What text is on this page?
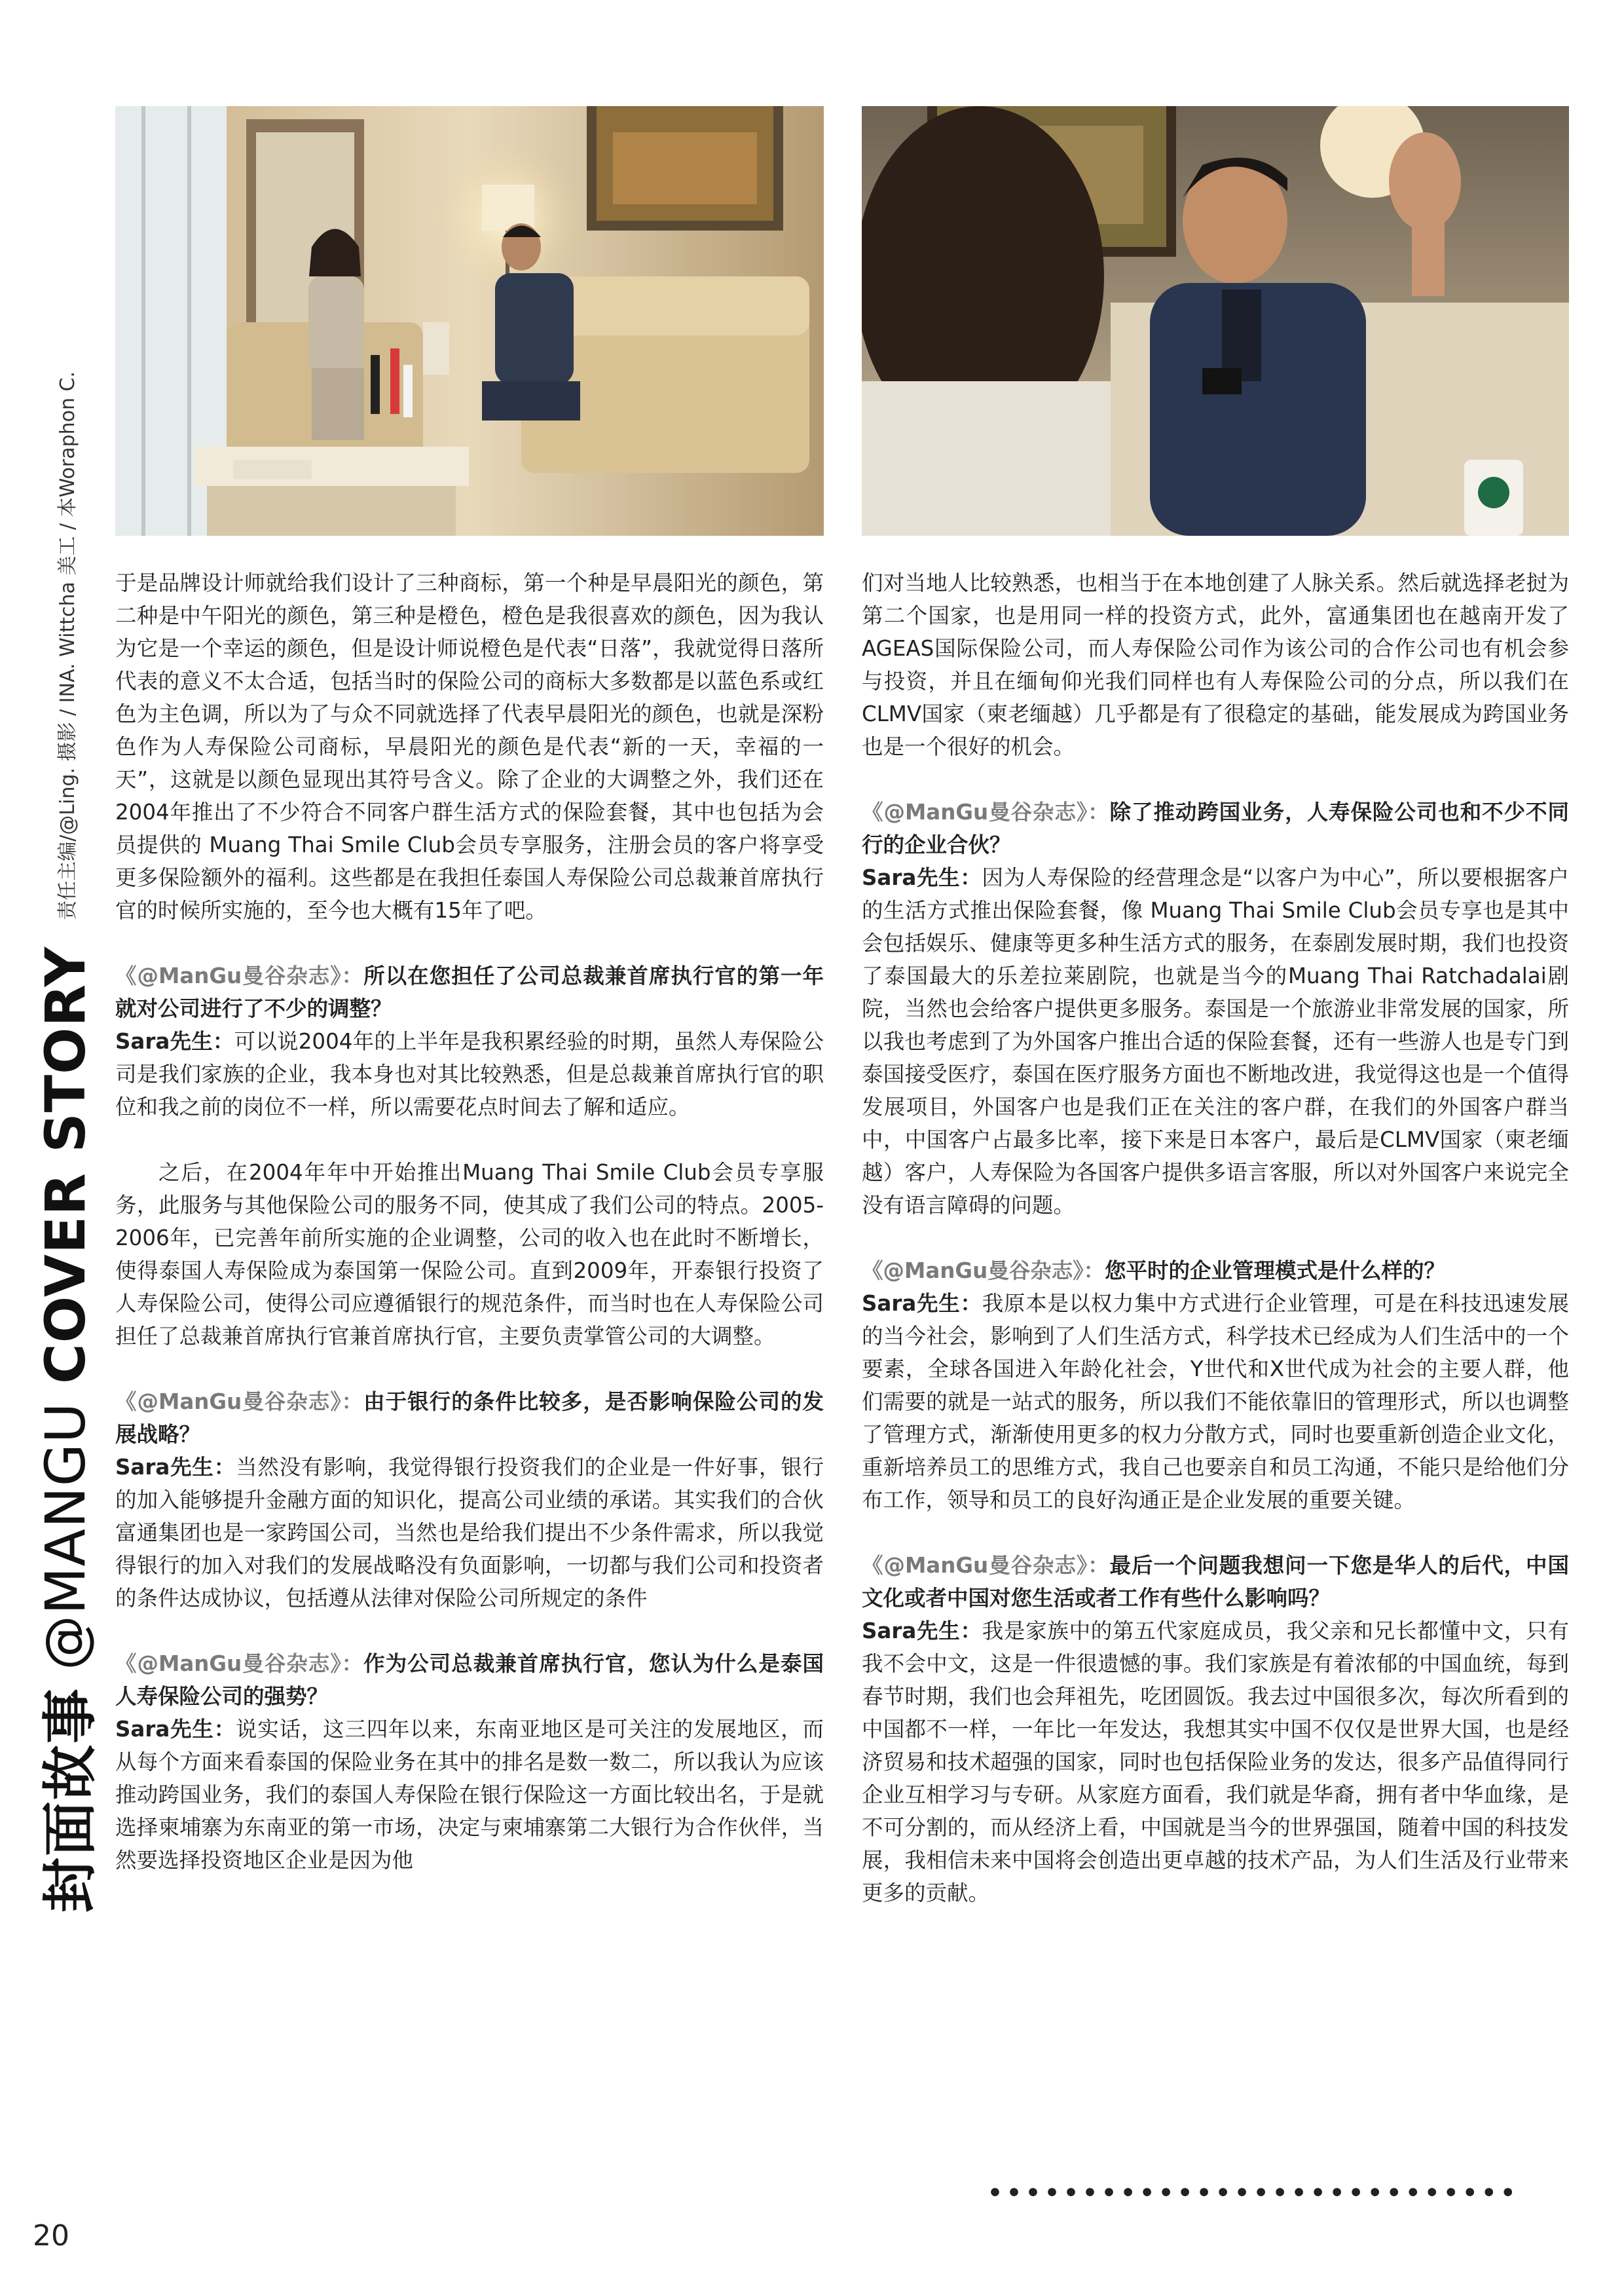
封面故事
@MANGU COVER STORY
责任主编/@Ling. 摄影 / INA. Wittcha 美工 / 本Woraphon C. 于是品牌设计师就给我们设计了三种商标，第一个种是早晨阳光的颜色，第二种是中午阳光的颜色，第三种是橙色，橙色是我很喜欢的颜色，因为我认为它是一个幸运的颜色，但是设计师说橙色是代表“日落”，我就觉得日落所代表的意义不太合适，包括当时的保险公司的商标大多数都是以蓝色系或红色为主色调，所以为了与众不同就选择了代表早晨阳光的颜色，也就是深粉色作为人寿保险公司商标，早晨阳光的颜色是代表“新的一天，幸福的一天”，这就是以颜色显现出其符号含义。除了企业的大调整之外，我们还在2004年推出了不少符合不同客户群生活方式的保险套餐，其中也包括为会员提供的 Muang Thai Smile Club会员专享服务，注册会员的客户将享受更多保险额外的福利。这些都是在我担任泰国人寿保险公司总裁兼首席执行官的时候所实施的，至今也大概有15年了吧。

《@ManGu曼谷杂志》：所以在您担任了公司总裁兼首席执行官的第一年就对公司进行了不少的调整？

Sara先生：可以说2004年的上半年是我积累经验的时期，虽然人寿保险公司是我们家族的企业，我本身也对其比较熟悉，但是总裁兼首席执行官的职位和我之前的岗位不一样，所以需要花点时间去了解和适应。

之后，在2004年年中开始推出Muang Thai Smile Club会员专享服务，此服务与其他保险公司的服务不同，使其成了我们公司的特点。2005-2006年，已完善年前所实施的企业调整，公司的收入也在此时不断增长，使得泰国人寿保险成为泰国第一保险公司。直到2009年，开泰银行投资了人寿保险公司，使得公司应遵循银行的规范条件，而当时也在人寿保险公司担任了总裁兼首席执行官兼首席执行官，主要负责掌管公司的大调整。

《@ManGu曼谷杂志》：由于银行的条件比较多，是否影响保险公司的发展战略？

Sara先生：当然没有影响，我觉得银行投资我们的企业是一件好事，银行的加入能够提升金融方面的知识化，提高公司业绩的承诺。其实我们的合伙富通集团也是一家跨国公司，当然也是给我们提出不少条件需求，所以我觉得银行的加入对我们的发展战略没有负面影响，一切都与我们公司和投资者的条件达成协议，包括遵从法律对保险公司所规定的条件

《@ManGu曼谷杂志》：作为公司总裁兼首席执行官，您认为什么是泰国人寿保险公司的强势？

Sara先生：说实话，这三四年以来，东南亚地区是可关注的发展地区，而从每个方面来看泰国的保险业务在其中的排名是数一数二，所以我认为应该推动跨国业务，我们的泰国人寿保险在银行保险这一方面比较出名，于是就选择柬埔寨为东南亚的第一市场，决定与柬埔寨第二大银行为合作伙伴，当然要选择投资地区企业是因为他

们对当地人比较熟悉，也相当于在本地创建了人脉关系。然后就选择老挝为第二个国家，也是用同一样的投资方式，此外，富通集团也在越南开发了AGEAS国际保险公司，而人寿保险公司作为该公司的合作公司也有机会参与投资，并且在缅甸仰光我们同样也有人寿保险公司的分点，所以我们在CLMV国家（柬老缅越）几乎都是有了很稳定的基础，能发展成为跨国业务也是一个很好的机会。

《@ManGu曼谷杂志》：除了推动跨国业务，人寿保险公司也和不少不同行的企业合伙？

Sara先生：因为人寿保险的经营理念是“以客户为中心”，所以要根据客户的生活方式推出保险套餐，像 Muang Thai Smile Club会员专享也是其中会包括娱乐、健康等更多种生活方式的服务，在泰剧发展时期，我们也投资了泰国最大的乐差拉莱剧院，也就是当今的Muang Thai Ratchadalai剧院，当然也会给客户提供更多服务。泰国是一个旅游业非常发展的国家，所以我也考虑到了为外国客户推出合适的保险套餐，还有一些游人也是专门到泰国接受医疗，泰国在医疗服务方面也不断地改进，我觉得这也是一个值得发展项目，外国客户也是我们正在关注的客户群，在我们的外国客户群当中，中国客户占最多比率，接下来是日本客户，最后是CLMV国家（柬老缅越）客户，人寿保险为各国客户提供多语言客服，所以对外国客户来说完全没有语言障碍的问题。

《@ManGu曼谷杂志》：您平时的企业管理模式是什么样的？

Sara先生：我原本是以权力集中方式进行企业管理，可是在科技迅速发展的当今社会，影响到了人们生活方式，科学技术已经成为人们生活中的一个要素，全球各国进入年龄化社会，Y世代和X世代成为社会的主要人群，他们需要的就是一站式的服务，所以我们不能依靠旧的管理形式，所以也调整了管理方式，渐渐使用更多的权力分散方式，同时也要重新创造企业文化，重新培养员工的思维方式，我自己也要亲自和员工沟通，不能只是给他们分布工作，领导和员工的良好沟通正是企业发展的重要关键。

《@ManGu曼谷杂志》：最后一个问题我想问一下您是华人的后代，中国文化或者中国对您生活或者工作有些什么影响吗？

Sara先生：我是家族中的第五代家庭成员，我父亲和兄长都懂中文，只有我不会中文，这是一件很遗憾的事。我们家族是有着浓郁的中国血统，每到春节时期，我们也会拜祖先，吃团圆饭。我去过中国很多次，每次所看到的中国都不一样，一年比一年发达，我想其实中国不仅仅是世界大国，也是经济贸易和技术超强的国家，同时也包括保险业务的发达，很多产品值得同行企业互相学习与专研。从家庭方面看，我们就是华裔，拥有者中华血缘，是不可分割的，而从经济上看，中国就是当今的世界强国，随着中国的科技发展，我相信未来中国将会创造出更卓越的技术产品，为人们生活及行业带来更多的贡献。

••••••••••••••••••••••••••••
20
